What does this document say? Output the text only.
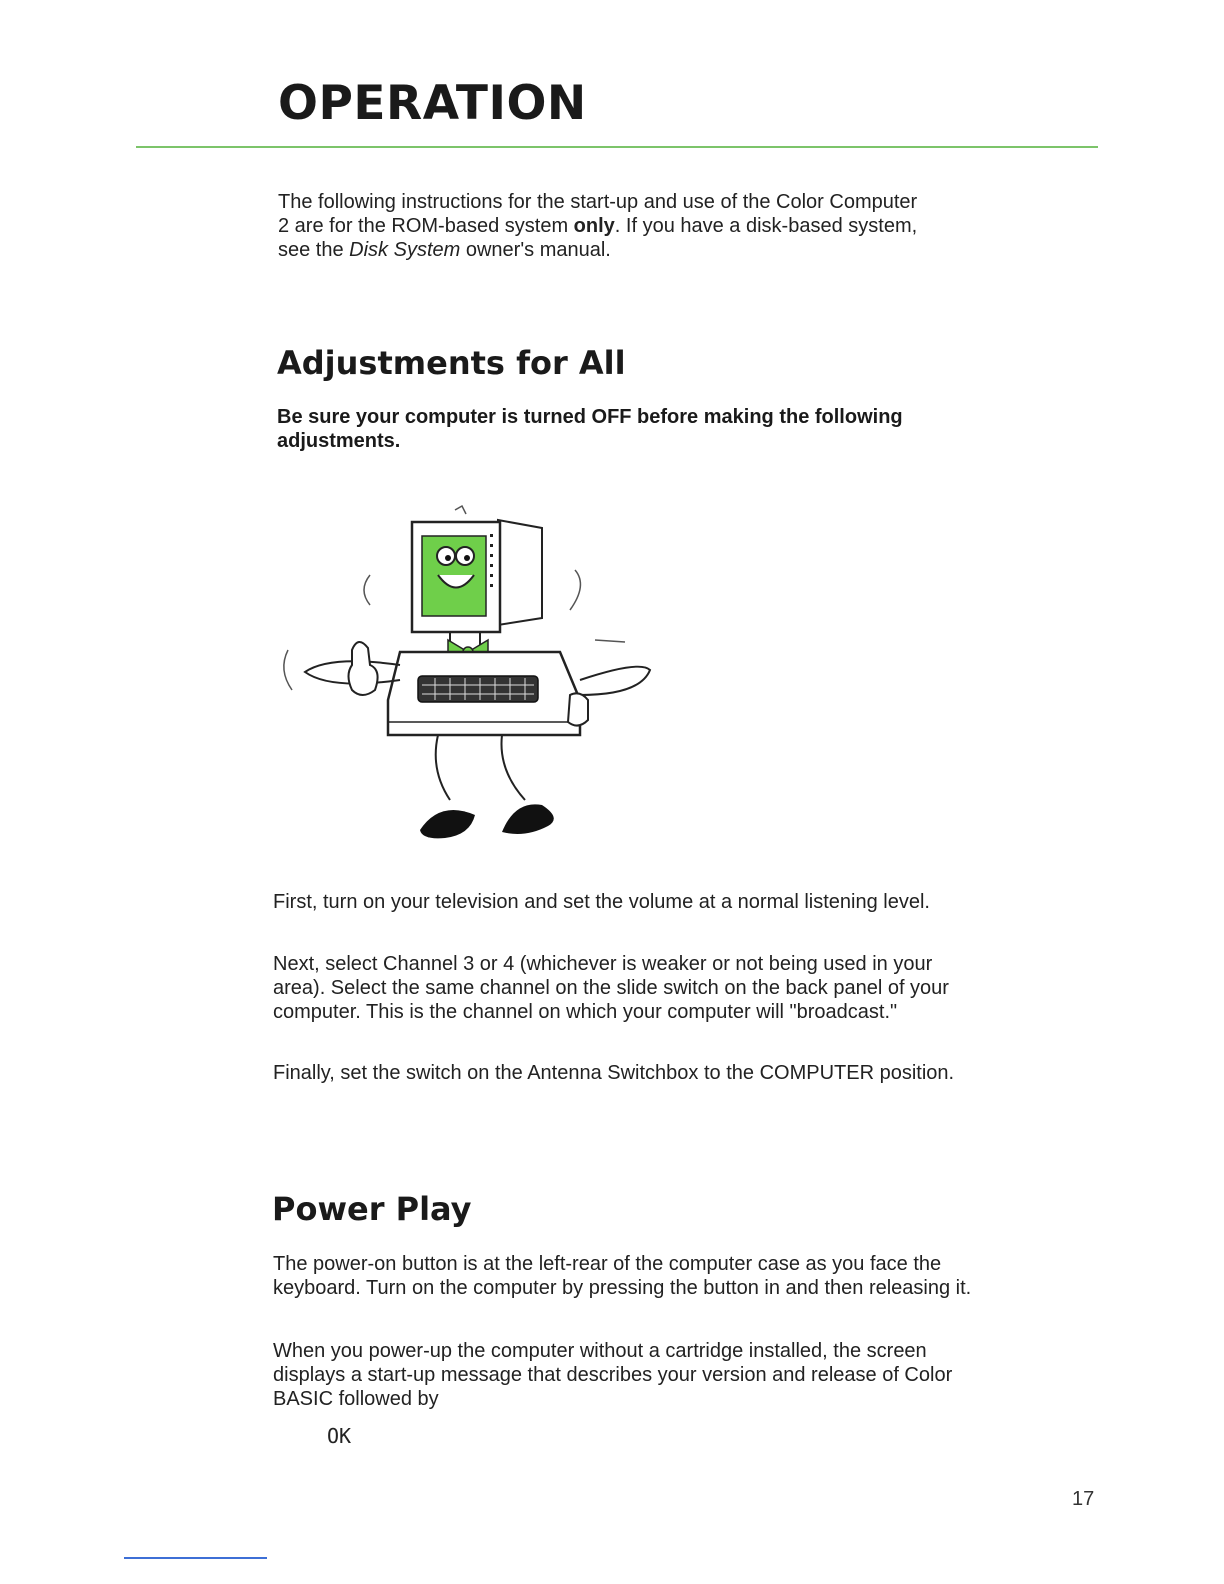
OPERATION

The following instructions for the start-up and use of the Color Computer 2 are for the ROM-based system only. If you have a disk-based system, see the Disk System owner's manual.

Adjustments for All

Be sure your computer is turned OFF before making the following adjustments.

First, turn on your television and set the volume at a normal listening level.

Next, select Channel 3 or 4 (whichever is weaker or not being used in your area). Select the same channel on the slide switch on the back panel of your computer. This is the channel on which your computer will "broadcast."

Finally, set the switch on the Antenna Switchbox to the COMPUTER position.

Power Play

The power-on button is at the left-rear of the computer case as you face the keyboard. Turn on the computer by pressing the button in and then releasing it.

When you power-up the computer without a cartridge installed, the screen displays a start-up message that describes your version and release of Color BASIC followed by

OK
17
